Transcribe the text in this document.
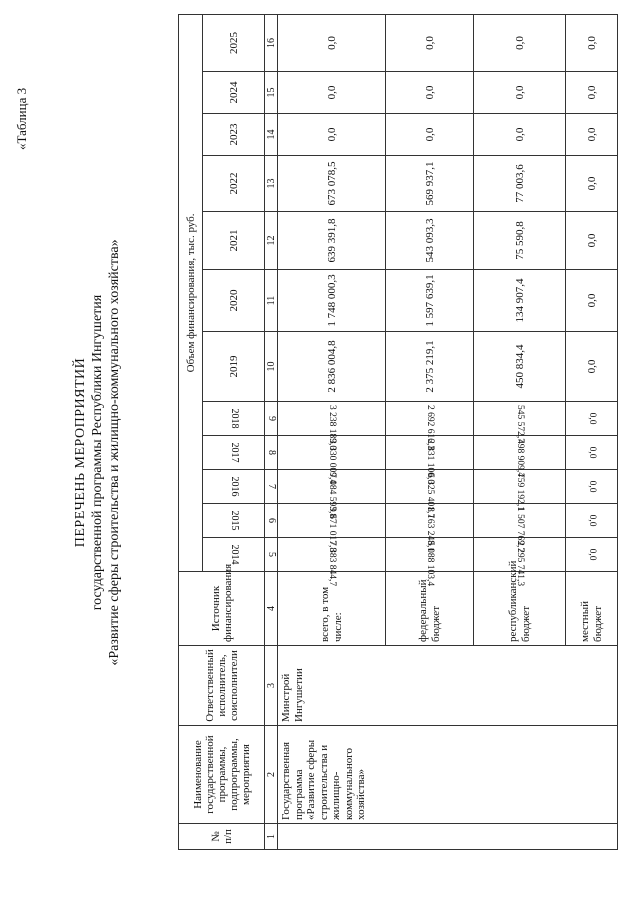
«Таблица 3
ПЕРЕЧЕНЬ МЕРОПРИЯТИЙ государственной программы Республики Ингушетия «Развитие сферы строительства и жилищно-коммунального хозяйства»
№ п/п	Наименование государственной программы, подпрограммы, мероприятия	Ответственный исполнитель, соисполнители	Источник финансирования	Объем финансирования, тыс. руб.											

				2014	2015	2016	2017	2018	2019	2020	2021	2022	2023	2024	2025
1	2	3	4	5	6	7	8	9	10	11	12	13	14	15	16
	Государственная программа «Развитие сферы строительства и жилищно-коммунального хозяйства»	Минстрой Ингушетии	всего, в том числе:	7 383 844,7	9 671 017,8	7 084 593,8	3 330 009,4	3 238 189,0	2 836 004,8	1 748 000,3	639 391,8	673 078,5	0,0	0,0	0,0
			федеральный бюджет	5 088 103,4	8 163 248,1	6 325 401,7	2 831 100,0	2 692 616,3	2 375 219,1	1 597 639,1	543 093,3	569 937,1	0,0	0,0	0,0
			республиканский бюджет	2 295 741,3	1 507 769,7	759 192,1	498 909,4	545 572,7	450 834,4	134 907,4	75 590,8	77 003,6	0,0	0,0	0,0
			местный бюджет	0,0	0,0	0,0	0,0	0,0	0,0	0,0	0,0	0,0	0,0	0,0	0,0
